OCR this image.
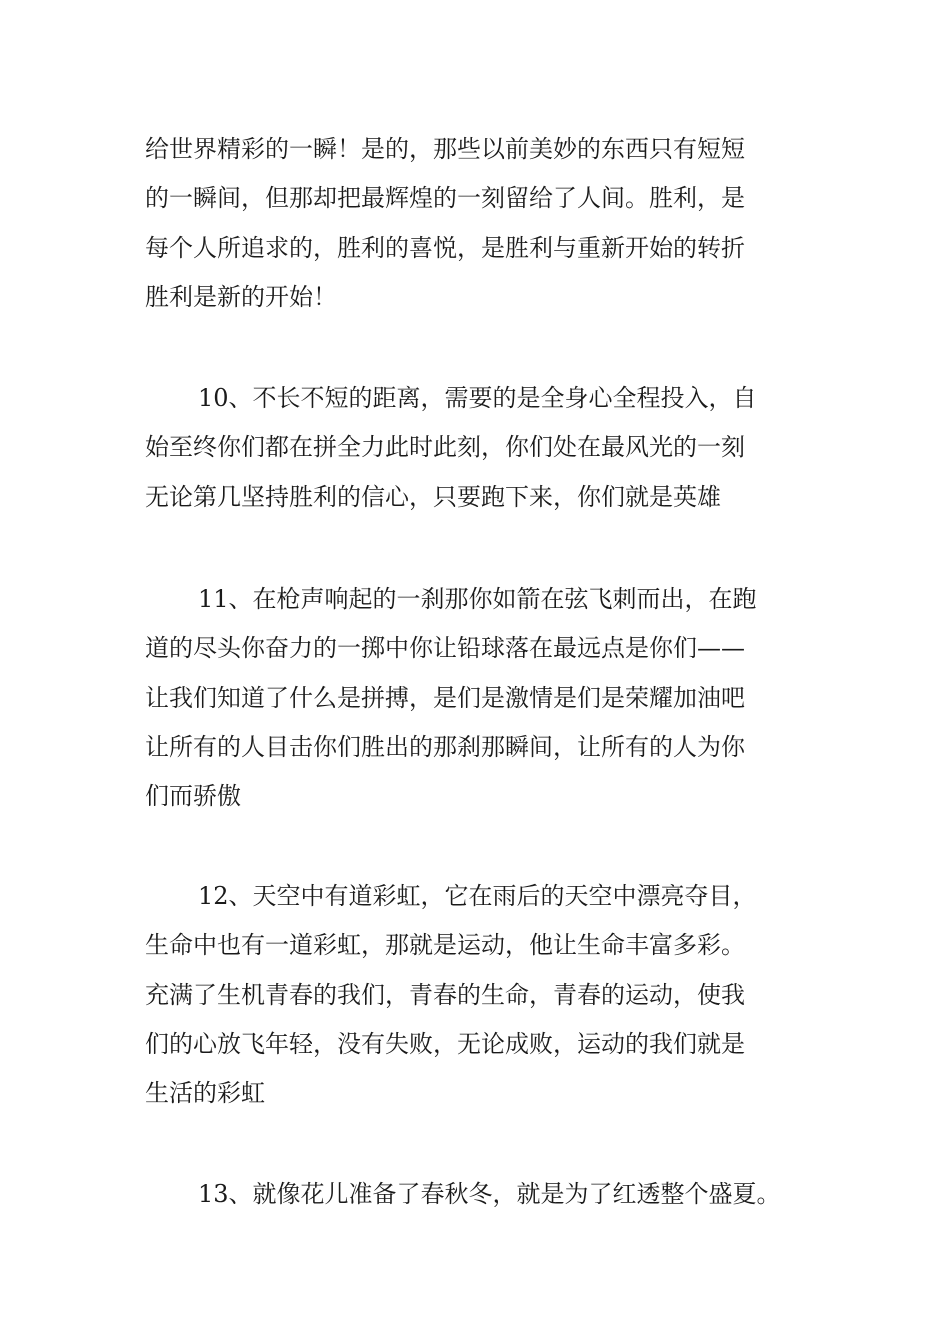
给世界精彩的一瞬！是的，那些以前美妙的东西只有短短
的一瞬间，但那却把最辉煌的一刻留给了人间。胜利，是
每个人所追求的，胜利的喜悦，是胜利与重新开始的转折
胜利是新的开始！
10、不长不短的距离，需要的是全身心全程投入，自
始至终你们都在拼全力此时此刻，你们处在最风光的一刻
无论第几坚持胜利的信心，只要跑下来，你们就是英雄
11、在枪声响起的一刹那你如箭在弦飞刺而出，在跑
道的尽头你奋力的一掷中你让铅球落在最远点是你们——
让我们知道了什么是拼搏，是们是激情是们是荣耀加油吧
让所有的人目击你们胜出的那刹那瞬间，让所有的人为你
们而骄傲
12、天空中有道彩虹，它在雨后的天空中漂亮夺目，
生命中也有一道彩虹，那就是运动，他让生命丰富多彩。
充满了生机青春的我们，青春的生命，青春的运动，使我
们的心放飞年轻，没有失败，无论成败，运动的我们就是
生活的彩虹
13、就像花儿准备了春秋冬，就是为了红透整个盛夏。
